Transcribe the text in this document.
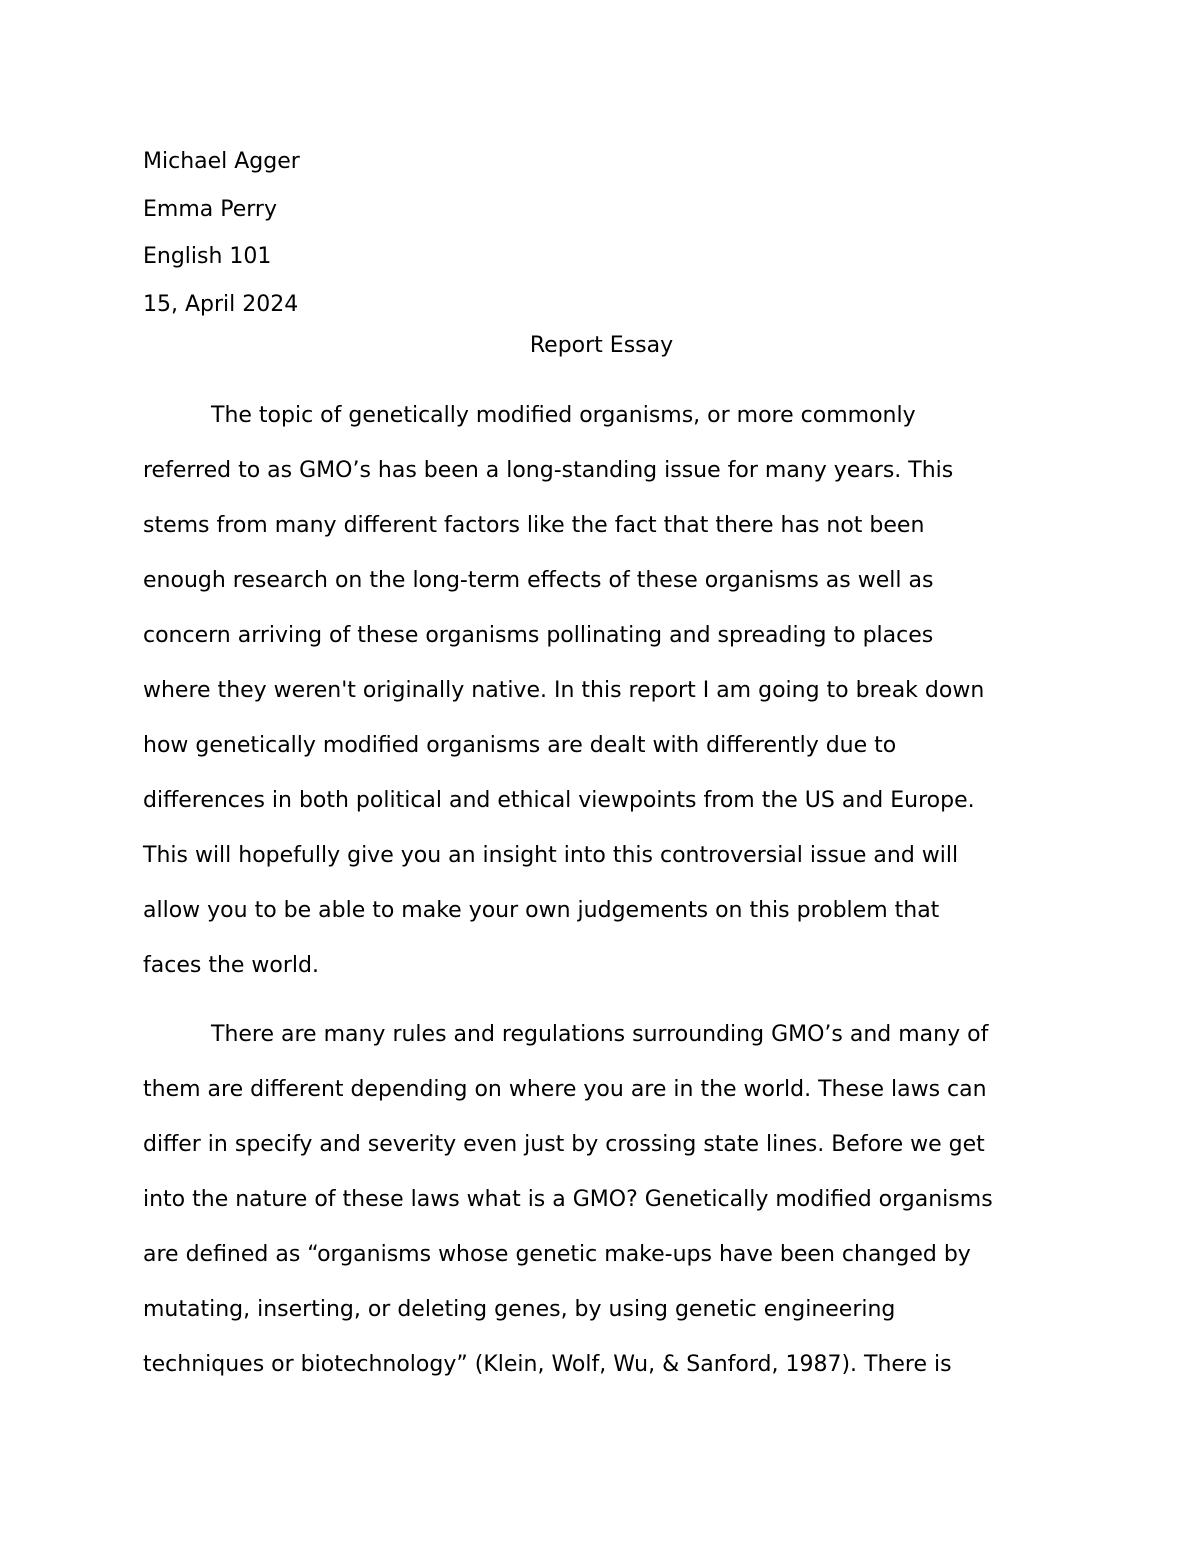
Michael Agger
Emma Perry
English 101
15, April 2024
Report Essay
The topic of genetically modified organisms, or more commonly
referred to as GMO’s has been a long-standing issue for many years. This
stems from many different factors like the fact that there has not been
enough research on the long-term effects of these organisms as well as
concern arriving of these organisms pollinating and spreading to places
where they weren't originally native. In this report I am going to break down
how genetically modified organisms are dealt with differently due to
differences in both political and ethical viewpoints from the US and Europe.
This will hopefully give you an insight into this controversial issue and will
allow you to be able to make your own judgements on this problem that
faces the world.
There are many rules and regulations surrounding GMO’s and many of
them are different depending on where you are in the world. These laws can
differ in specify and severity even just by crossing state lines. Before we get
into the nature of these laws what is a GMO? Genetically modified organisms
are defined as “organisms whose genetic make-ups have been changed by
mutating, inserting, or deleting genes, by using genetic engineering
techniques or biotechnology” (Klein, Wolf, Wu, & Sanford, 1987). There is
